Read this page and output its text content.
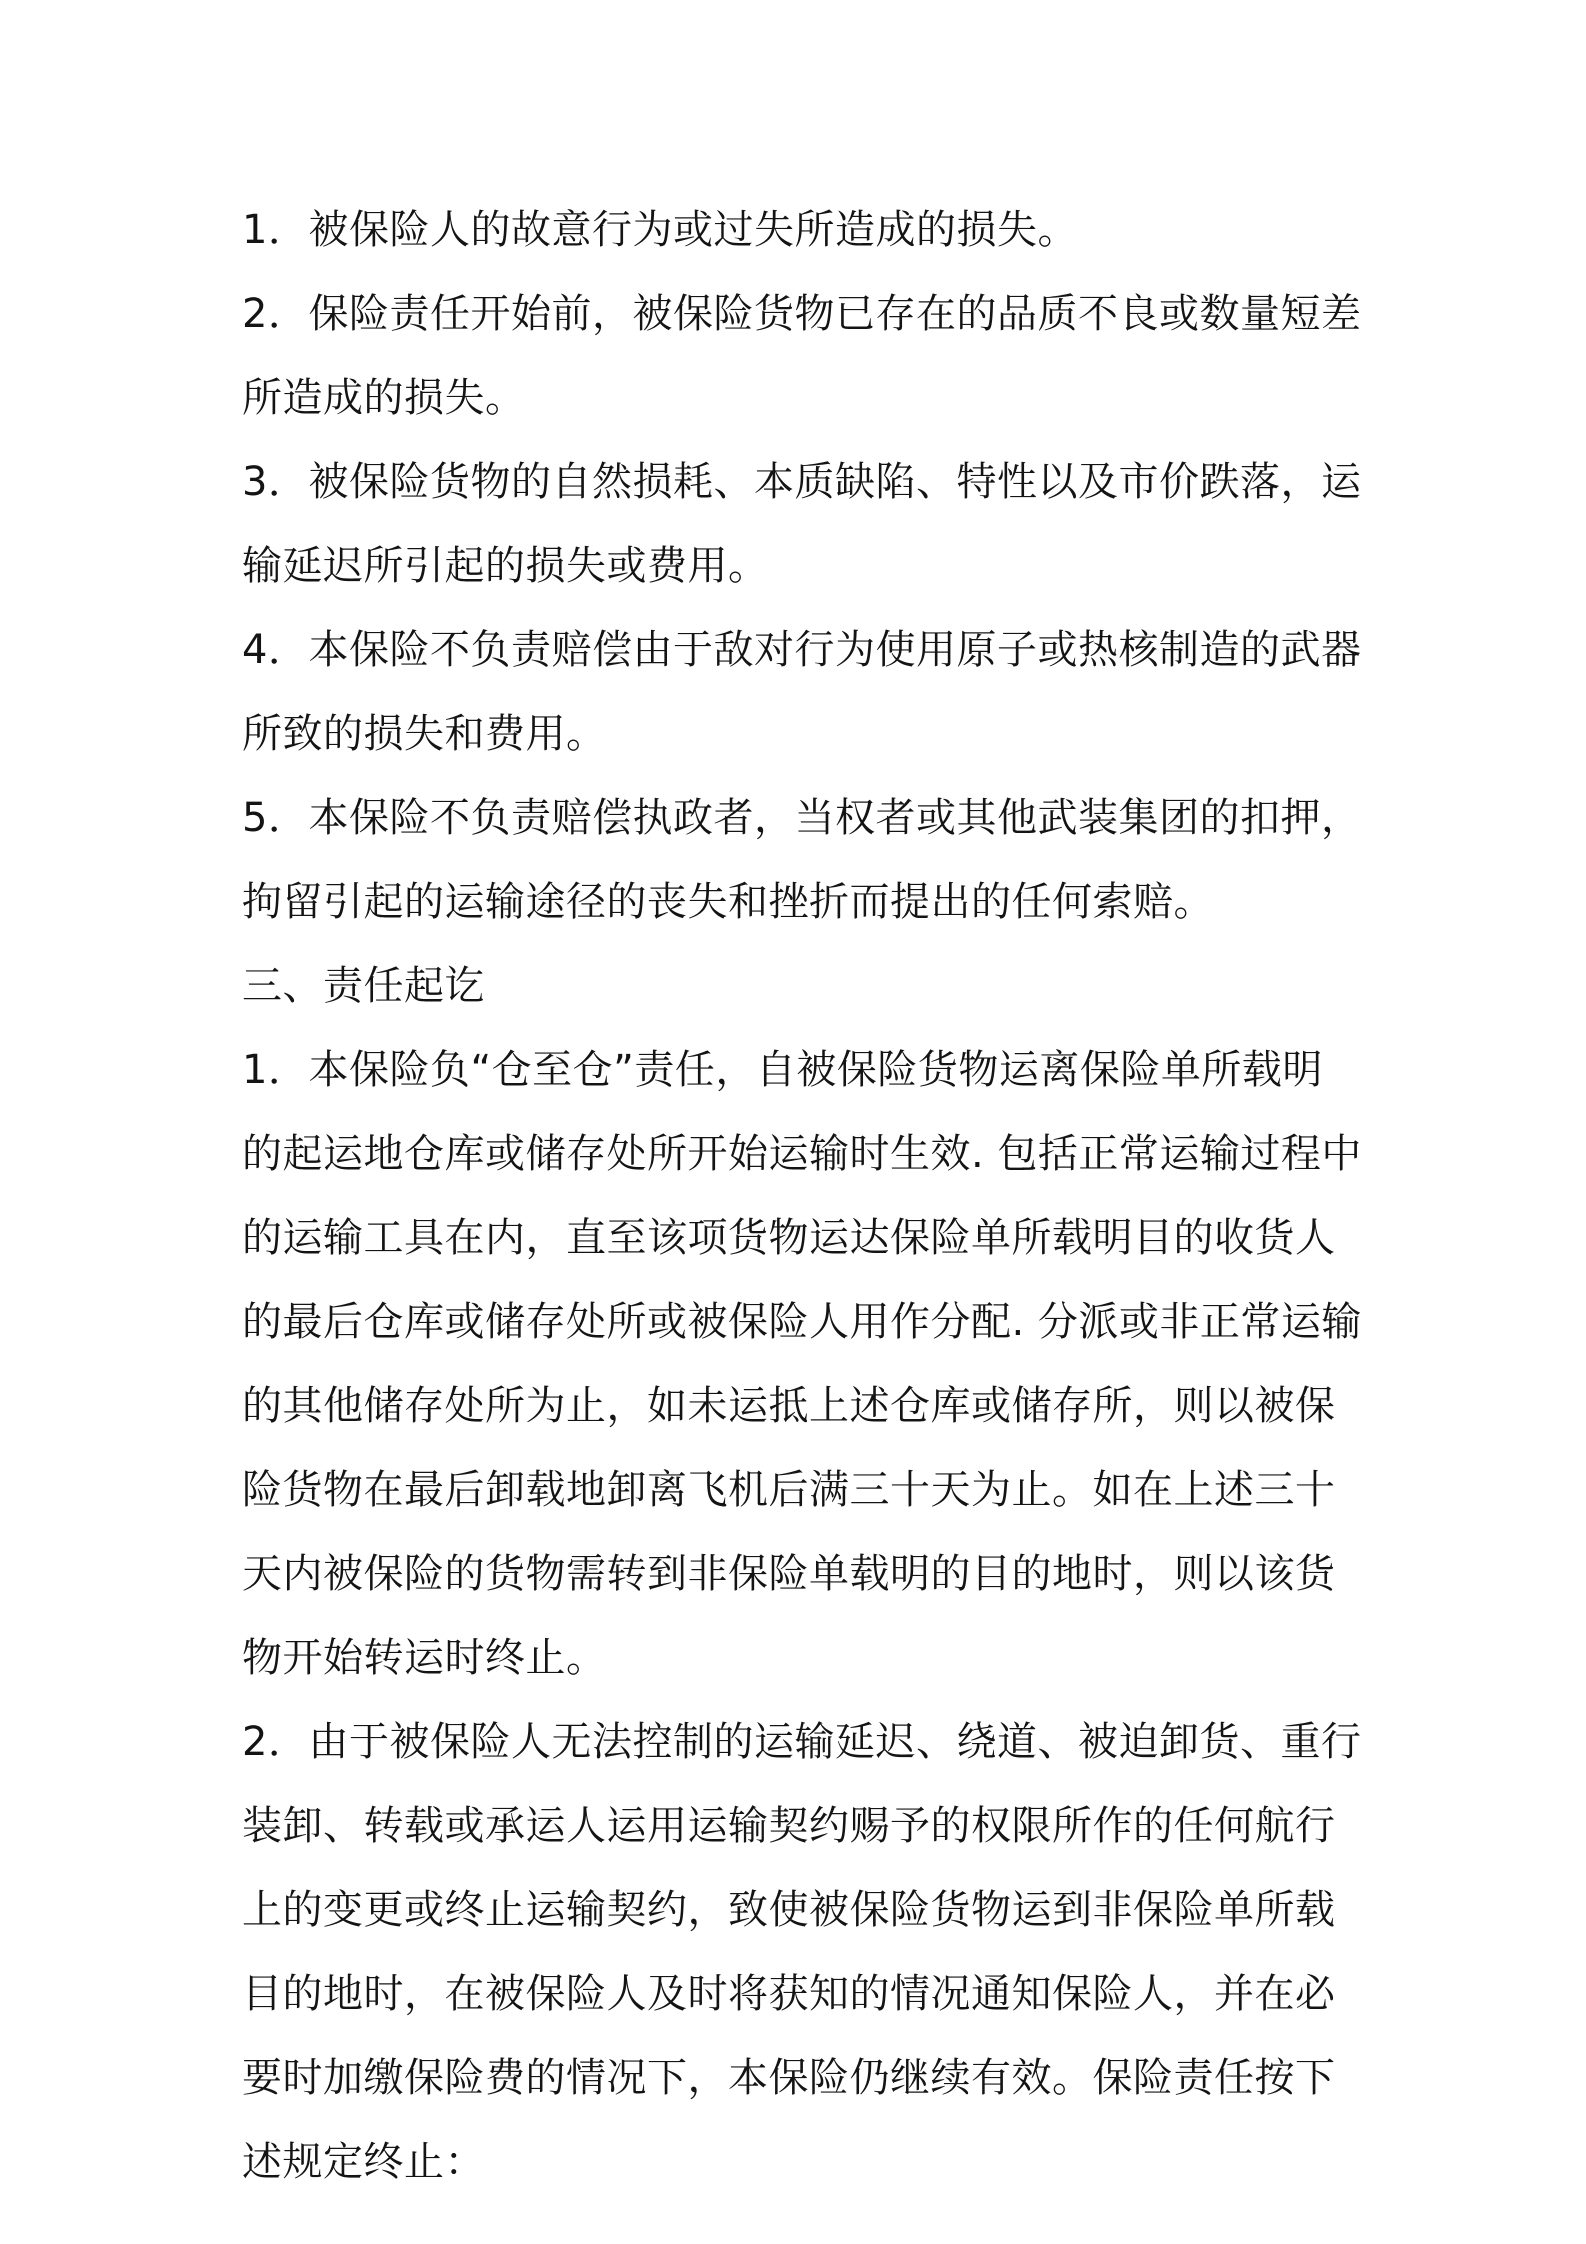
1．被保险人的故意行为或过失所造成的损失。

2．保险责任开始前，被保险货物已存在的品质不良或数量短差所造成的损失。

3．被保险货物的自然损耗、本质缺陷、特性以及市价跌落，运输延迟所引起的损失或费用。

4．本保险不负责赔偿由于敌对行为使用原子或热核制造的武器所致的损失和费用。

5．本保险不负责赔偿执政者，当权者或其他武装集团的扣押，拘留引起的运输途径的丧失和挫折而提出的任何索赔。

三、责任起讫

1．本保险负“仓至仓”责任，自被保险货物运离保险单所载明的起运地仓库或储存处所开始运输时生效. 包括正常运输过程中的运输工具在内，直至该项货物运达保险单所载明目的收货人的最后仓库或储存处所或被保险人用作分配. 分派或非正常运输的其他储存处所为止，如未运抵上述仓库或储存所，则以被保险货物在最后卸载地卸离飞机后满三十天为止。如在上述三十天内被保险的货物需转到非保险单载明的目的地时，则以该货物开始转运时终止。

2．由于被保险人无法控制的运输延迟、绕道、被迫卸货、重行装卸、转载或承运人运用运输契约赐予的权限所作的任何航行上的变更或终止运输契约，致使被保险货物运到非保险单所载目的地时，在被保险人及时将获知的情况通知保险人，并在必要时加缴保险费的情况下，本保险仍继续有效。保险责任按下述规定终止：
